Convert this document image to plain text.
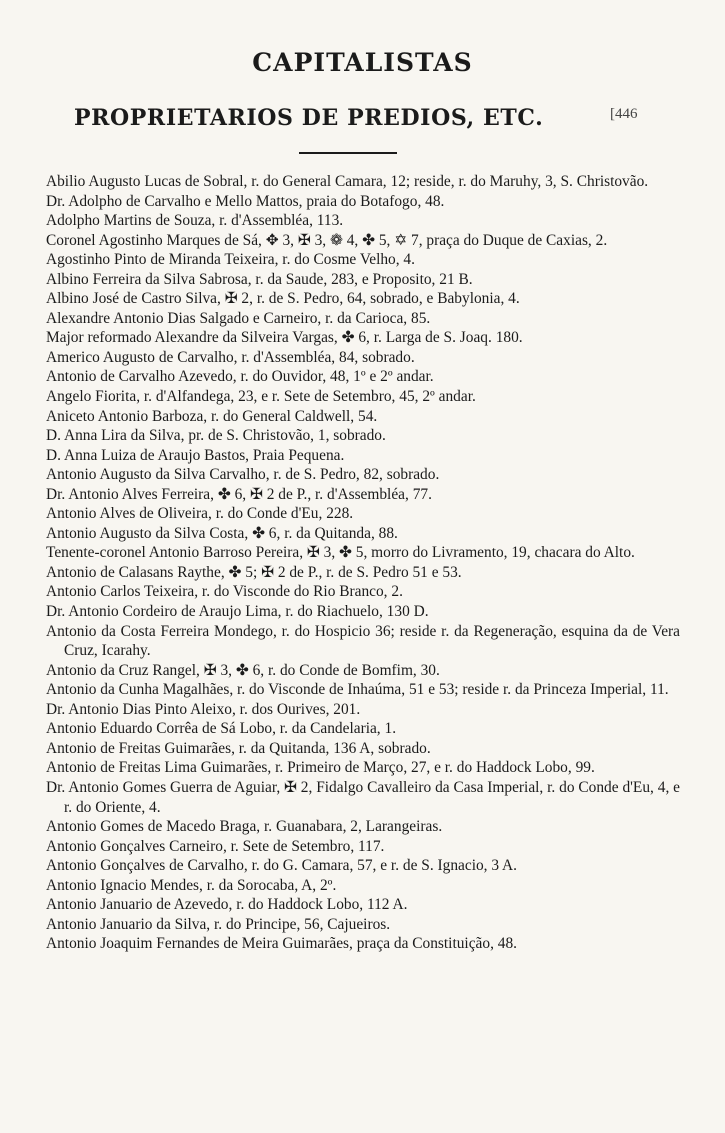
CAPITALISTAS
PROPRIETARIOS DE PREDIOS, ETC.	[446
Abilio Augusto Lucas de Sobral, r. do General Camara, 12; reside, r. do Maruhy, 3, S. Christovão.
Dr. Adolpho de Carvalho e Mello Mattos, praia do Botafogo, 48.
Adolpho Martins de Souza, r. d'Assembléa, 113.
Coronel Agostinho Marques de Sá, ✥ 3, ✠ 3, ❁ 4, ✤ 5, ✡ 7, praça do Duque de Caxias, 2.
Agostinho Pinto de Miranda Teixeira, r. do Cosme Velho, 4.
Albino Ferreira da Silva Sabrosa, r. da Saude, 283, e Proposito, 21 B.
Albino José de Castro Silva, ✠ 2, r. de S. Pedro, 64, sobrado, e Babylonia, 4.
Alexandre Antonio Dias Salgado e Carneiro, r. da Carioca, 85.
Major reformado Alexandre da Silveira Vargas, ✤ 6, r. Larga de S. Joaq. 180.
Americo Augusto de Carvalho, r. d'Assembléa, 84, sobrado.
Antonio de Carvalho Azevedo, r. do Ouvidor, 48, 1º e 2º andar.
Angelo Fiorita, r. d'Alfandega, 23, e r. Sete de Setembro, 45, 2º andar.
Aniceto Antonio Barboza, r. do General Caldwell, 54.
D. Anna Lira da Silva, pr. de S. Christovão, 1, sobrado.
D. Anna Luiza de Araujo Bastos, Praia Pequena.
Antonio Augusto da Silva Carvalho, r. de S. Pedro, 82, sobrado.
Dr. Antonio Alves Ferreira, ✤ 6, ✠ 2 de P., r. d'Assembléa, 77.
Antonio Alves de Oliveira, r. do Conde d'Eu, 228.
Antonio Augusto da Silva Costa, ✤ 6, r. da Quitanda, 88.
Tenente-coronel Antonio Barroso Pereira, ✠ 3, ✤ 5, morro do Livramento, 19, chacara do Alto.
Antonio de Calasans Raythe, ✤ 5; ✠ 2 de P., r. de S. Pedro 51 e 53.
Antonio Carlos Teixeira, r. do Visconde do Rio Branco, 2.
Dr. Antonio Cordeiro de Araujo Lima, r. do Riachuelo, 130 D.
Antonio da Costa Ferreira Mondego, r. do Hospicio 36; reside r. da Regeneração, esquina da de Vera Cruz, Icarahy.
Antonio da Cruz Rangel, ✠ 3, ✤ 6, r. do Conde de Bomfim, 30.
Antonio da Cunha Magalhães, r. do Visconde de Inhaúma, 51 e 53; reside r. da Princeza Imperial, 11.
Dr. Antonio Dias Pinto Aleixo, r. dos Ourives, 201.
Antonio Eduardo Corrêa de Sá Lobo, r. da Candelaria, 1.
Antonio de Freitas Guimarães, r. da Quitanda, 136 A, sobrado.
Antonio de Freitas Lima Guimarães, r. Primeiro de Março, 27, e r. do Haddock Lobo, 99.
Dr. Antonio Gomes Guerra de Aguiar, ✠ 2, Fidalgo Cavalleiro da Casa Imperial, r. do Conde d'Eu, 4, e r. do Oriente, 4.
Antonio Gomes de Macedo Braga, r. Guanabara, 2, Larangeiras.
Antonio Gonçalves Carneiro, r. Sete de Setembro, 117.
Antonio Gonçalves de Carvalho, r. do G. Camara, 57, e r. de S. Ignacio, 3 A.
Antonio Ignacio Mendes, r. da Sorocaba, A, 2º.
Antonio Januario de Azevedo, r. do Haddock Lobo, 112 A.
Antonio Januario da Silva, r. do Principe, 56, Cajueiros.
Antonio Joaquim Fernandes de Meira Guimarães, praça da Constituição, 48.
